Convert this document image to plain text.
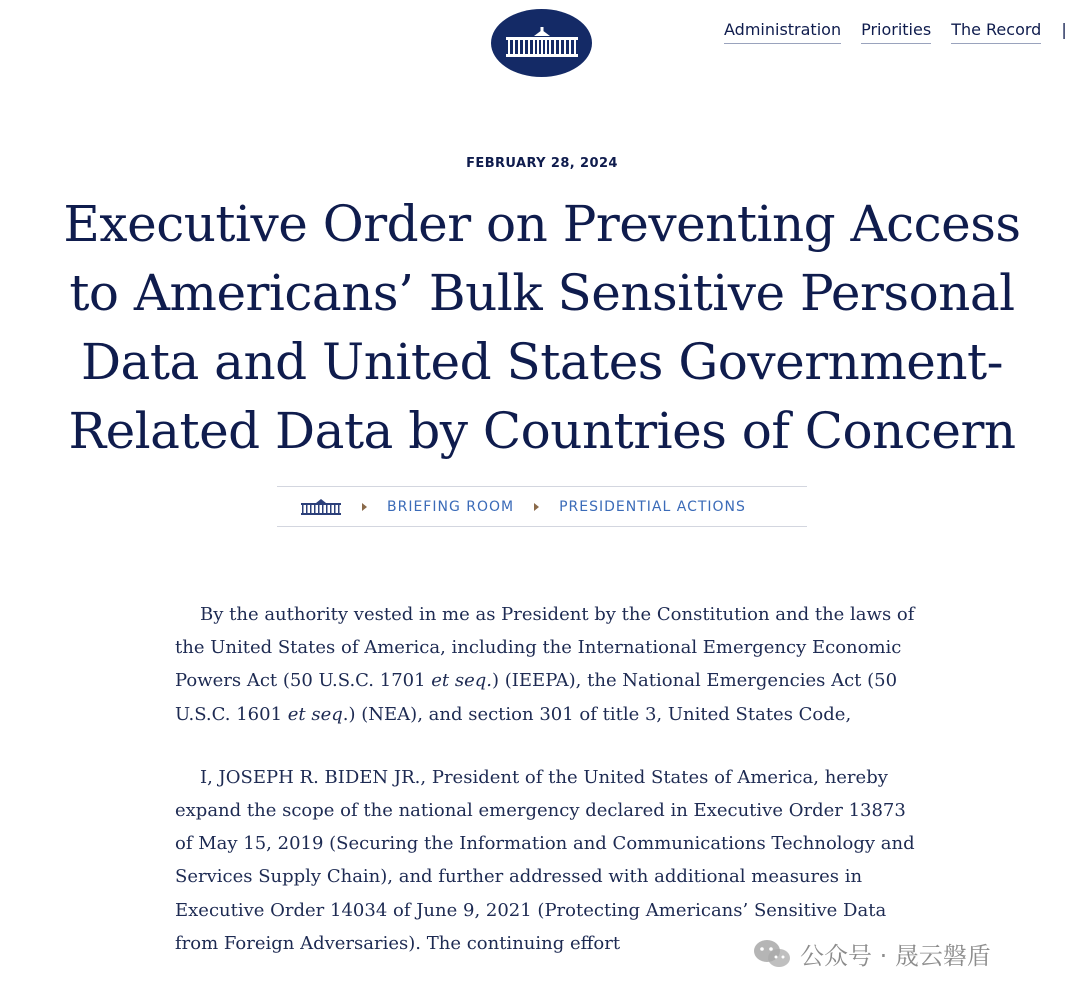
Administration Priorities The Record |
FEBRUARY 28, 2024
Executive Order on Preventing Access
to Americans’ Bulk Sensitive Personal
Data and United States Government-
Related Data by Countries of Concern
BRIEFING ROOM	PRESIDENTIAL ACTIONS

By the authority vested in me as President by the Constitution and the laws of the United States of America, including the International Emergency Economic Powers Act (50 U.S.C. 1701 et seq.) (IEEPA), the National Emergencies Act (50 U.S.C. 1601 et seq.) (NEA), and section 301 of title 3, United States Code,

I, JOSEPH R. BIDEN JR., President of the United States of America, hereby expand the scope of the national emergency declared in Executive Order 13873 of May 15, 2019 (Securing the Information and Communications Technology and Services Supply Chain), and further addressed with additional measures in Executive Order 14034 of June 9, 2021 (Protecting Americans’ Sensitive Data from Foreign Adversaries). The continuing effort	公众号 · 晟云磐盾
